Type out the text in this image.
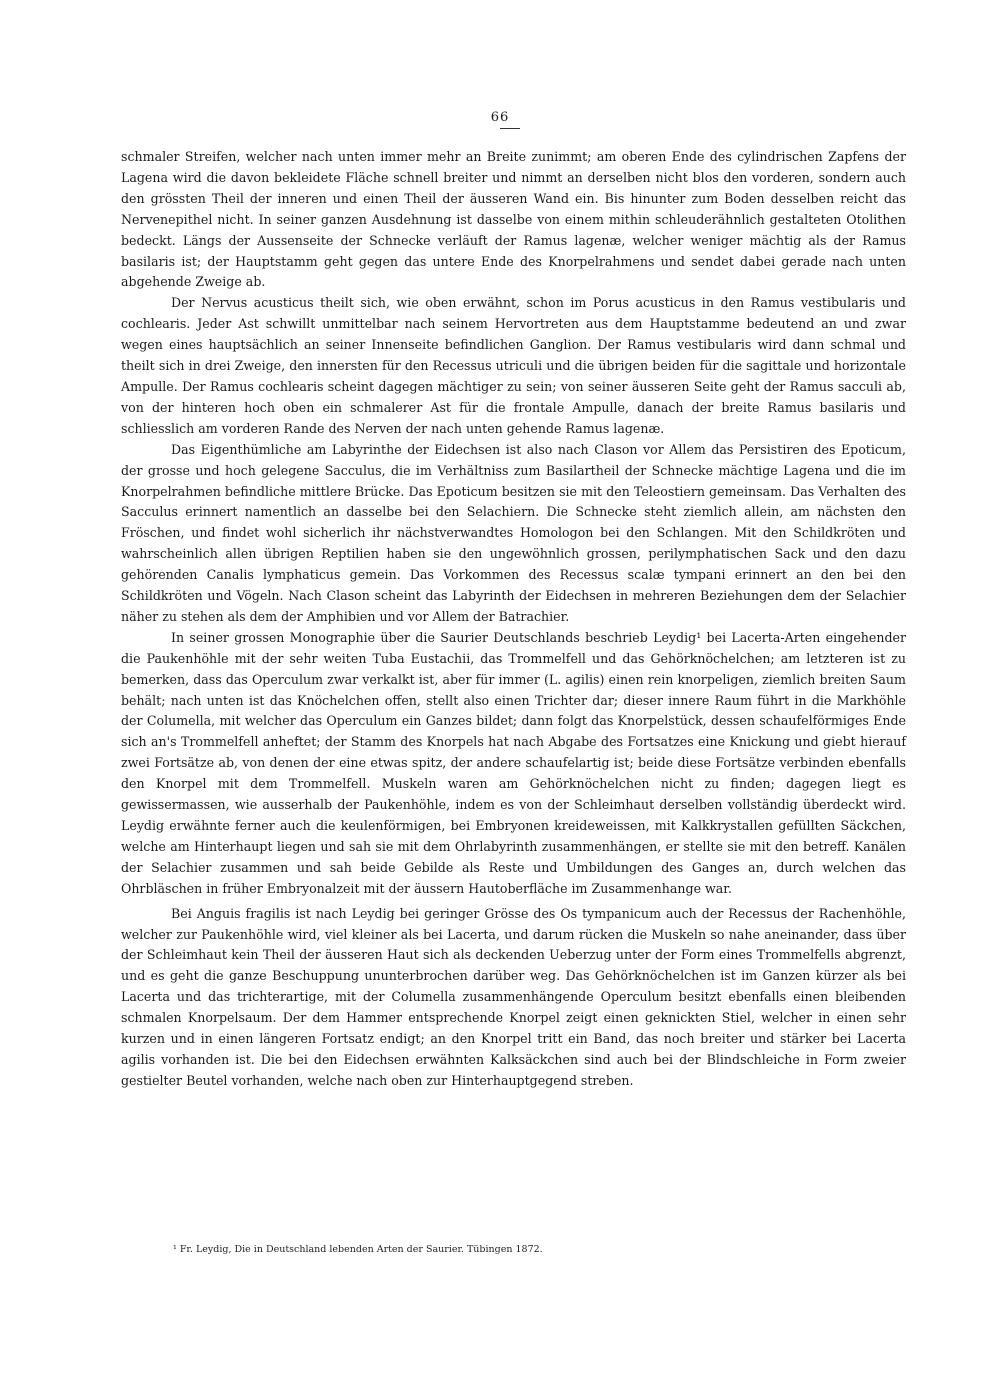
66

schmaler Streifen, welcher nach unten immer mehr an Breite zunimmt; am oberen Ende des cylindrischen Zapfens der Lagena wird die davon bekleidete Fläche schnell breiter und nimmt an derselben nicht blos den vorderen, sondern auch den grössten Theil der inneren und einen Theil der äusseren Wand ein. Bis hinunter zum Boden desselben reicht das Nervenepithel nicht. In seiner ganzen Ausdehnung ist dasselbe von einem mithin schleuderähnlich gestalteten Otolithen bedeckt. Längs der Aussenseite der Schnecke verläuft der Ramus lagenæ, welcher weniger mächtig als der Ramus basilaris ist; der Hauptstamm geht gegen das untere Ende des Knorpelrahmens und sendet dabei gerade nach unten abgehende Zweige ab.

Der Nervus acusticus theilt sich, wie oben erwähnt, schon im Porus acusticus in den Ramus vestibularis und cochlearis. Jeder Ast schwillt unmittelbar nach seinem Hervortreten aus dem Hauptstamme bedeutend an und zwar wegen eines hauptsächlich an seiner Innenseite befindlichen Ganglion. Der Ramus vestibularis wird dann schmal und theilt sich in drei Zweige, den innersten für den Recessus utriculi und die übrigen beiden für die sagittale und horizontale Ampulle. Der Ramus cochlearis scheint dagegen mächtiger zu sein; von seiner äusseren Seite geht der Ramus sacculi ab, von der hinteren hoch oben ein schmalerer Ast für die frontale Ampulle, danach der breite Ramus basilaris und schliesslich am vorderen Rande des Nerven der nach unten gehende Ramus lagenæ.

Das Eigenthümliche am Labyrinthe der Eidechsen ist also nach Clason vor Allem das Persistiren des Epoticum, der grosse und hoch gelegene Sacculus, die im Verhältniss zum Basilartheil der Schnecke mächtige Lagena und die im Knorpelrahmen befindliche mittlere Brücke. Das Epoticum besitzen sie mit den Teleostiern gemeinsam. Das Verhalten des Sacculus erinnert namentlich an dasselbe bei den Selachiern. Die Schnecke steht ziemlich allein, am nächsten den Fröschen, und findet wohl sicherlich ihr nächstverwandtes Homologon bei den Schlangen. Mit den Schildkröten und wahrscheinlich allen übrigen Reptilien haben sie den ungewöhnlich grossen, perilymphatischen Sack und den dazu gehörenden Canalis lymphaticus gemein. Das Vorkommen des Recessus scalæ tympani erinnert an den bei den Schildkröten und Vögeln. Nach Clason scheint das Labyrinth der Eidechsen in mehreren Beziehungen dem der Selachier näher zu stehen als dem der Amphibien und vor Allem der Batrachier.

In seiner grossen Monographie über die Saurier Deutschlands beschrieb Leydig¹ bei Lacerta-Arten eingehender die Paukenhöhle mit der sehr weiten Tuba Eustachii, das Trommelfell und das Gehörknöchelchen; am letzteren ist zu bemerken, dass das Operculum zwar verkalkt ist, aber für immer (L. agilis) einen rein knorpeligen, ziemlich breiten Saum behält; nach unten ist das Knöchelchen offen, stellt also einen Trichter dar; dieser innere Raum führt in die Markhöhle der Columella, mit welcher das Operculum ein Ganzes bildet; dann folgt das Knorpelstück, dessen schaufelförmiges Ende sich an's Trommelfell anheftet; der Stamm des Knorpels hat nach Abgabe des Fortsatzes eine Knickung und giebt hierauf zwei Fortsätze ab, von denen der eine etwas spitz, der andere schaufelartig ist; beide diese Fortsätze verbinden ebenfalls den Knorpel mit dem Trommelfell. Muskeln waren am Gehörknöchelchen nicht zu finden; dagegen liegt es gewissermassen, wie ausserhalb der Paukenhöhle, indem es von der Schleimhaut derselben vollständig überdeckt wird. Leydig erwähnte ferner auch die keulenförmigen, bei Embryonen kreideweissen, mit Kalkkrystallen gefüllten Säckchen, welche am Hinterhaupt liegen und sah sie mit dem Ohrlabyrinth zusammenhängen, er stellte sie mit den betreff. Kanälen der Selachier zusammen und sah beide Gebilde als Reste und Umbildungen des Ganges an, durch welchen das Ohrbläschen in früher Embryonalzeit mit der äussern Hautoberfläche im Zusammenhange war.

Bei Anguis fragilis ist nach Leydig bei geringer Grösse des Os tympanicum auch der Recessus der Rachenhöhle, welcher zur Paukenhöhle wird, viel kleiner als bei Lacerta, und darum rücken die Muskeln so nahe aneinander, dass über der Schleimhaut kein Theil der äusseren Haut sich als deckenden Ueberzug unter der Form eines Trommelfells abgrenzt, und es geht die ganze Beschuppung ununterbrochen darüber weg. Das Gehörknöchelchen ist im Ganzen kürzer als bei Lacerta und das trichterartige, mit der Columella zusammenhängende Operculum besitzt ebenfalls einen bleibenden schmalen Knorpelsaum. Der dem Hammer entsprechende Knorpel zeigt einen geknickten Stiel, welcher in einen sehr kurzen und in einen längeren Fortsatz endigt; an den Knorpel tritt ein Band, das noch breiter und stärker bei Lacerta agilis vorhanden ist. Die bei den Eidechsen erwähnten Kalksäckchen sind auch bei der Blindschleiche in Form zweier gestielter Beutel vorhanden, welche nach oben zur Hinterhauptgegend streben.

¹ Fr. Leydig, Die in Deutschland lebenden Arten der Saurier. Tübingen 1872.
